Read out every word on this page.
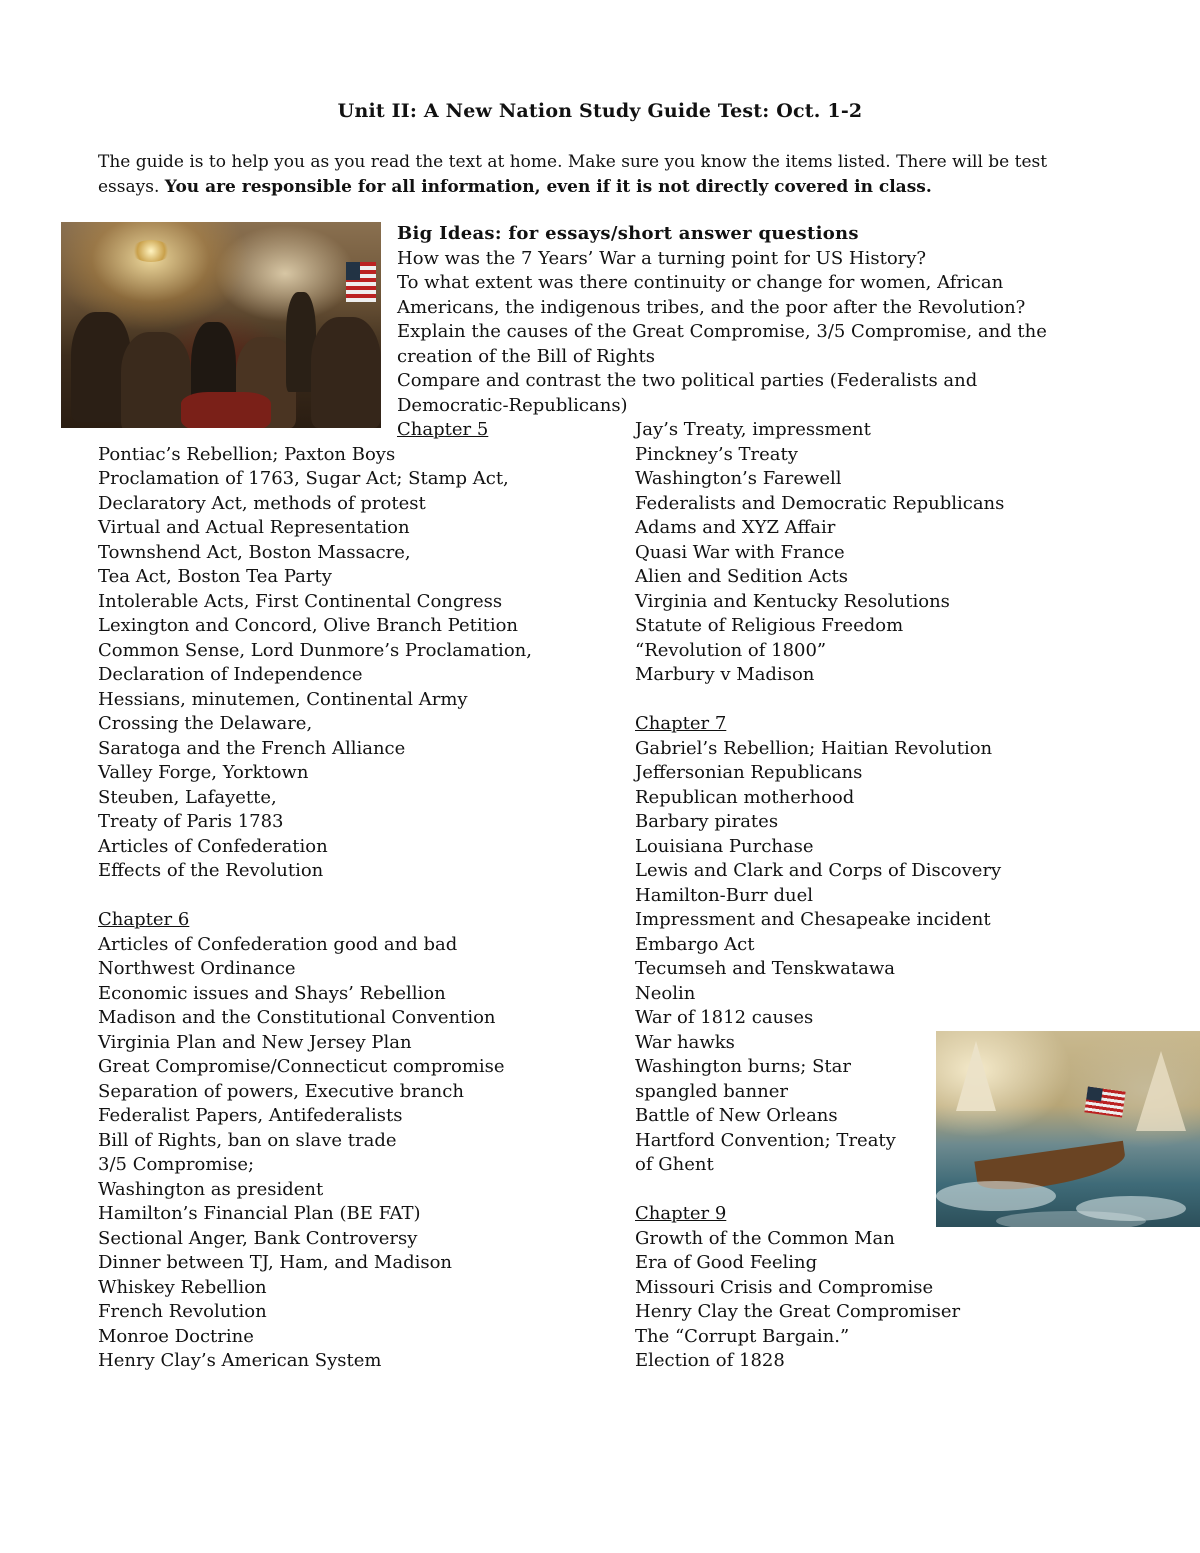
Unit II: A New Nation Study Guide Test: Oct. 1-2
The guide is to help you as you read the text at home. Make sure you know the items listed. There will be test essays. You are responsible for all information, even if it is not directly covered in class.
Big Ideas: for essays/short answer questions
How was the 7 Years’ War a turning point for US History?
To what extent was there continuity or change for women, African
Americans, the indigenous tribes, and the poor after the Revolution?
Explain the causes of the Great Compromise, 3/5 Compromise, and the
creation of the Bill of Rights
Compare and contrast the two political parties (Federalists and
Democratic-Republicans)
Chapter 5
Pontiac’s Rebellion; Paxton Boys
Proclamation of 1763, Sugar Act; Stamp Act,
Declaratory Act, methods of protest
Virtual and Actual Representation
Townshend Act, Boston Massacre,
Tea Act, Boston Tea Party
Intolerable Acts, First Continental Congress
Lexington and Concord, Olive Branch Petition
Common Sense, Lord Dunmore’s Proclamation,
Declaration of Independence
Hessians, minutemen, Continental Army
Crossing the Delaware,
Saratoga and the French Alliance
Valley Forge, Yorktown
Steuben, Lafayette,
Treaty of Paris 1783
Articles of Confederation
Effects of the Revolution
Chapter 6
Articles of Confederation good and bad
Northwest Ordinance
Economic issues and Shays’ Rebellion
Madison and the Constitutional Convention
Virginia Plan and New Jersey Plan
Great Compromise/Connecticut compromise
Separation of powers, Executive branch
Federalist Papers, Antifederalists
Bill of Rights, ban on slave trade
3/5 Compromise;
Washington as president
Hamilton’s Financial Plan (BE FAT)
Sectional Anger, Bank Controversy
Dinner between TJ, Ham, and Madison
Whiskey Rebellion
French Revolution
Monroe Doctrine
Henry Clay’s American System
Jay’s Treaty, impressment
Pinckney’s Treaty
Washington’s Farewell
Federalists and Democratic Republicans
Adams and XYZ Affair
Quasi War with France
Alien and Sedition Acts
Virginia and Kentucky Resolutions
Statute of Religious Freedom
“Revolution of 1800”
Marbury v Madison
Chapter 7
Gabriel’s Rebellion; Haitian Revolution
Jeffersonian Republicans
Republican motherhood
Barbary pirates
Louisiana Purchase
Lewis and Clark and Corps of Discovery
Hamilton-Burr duel
Impressment and Chesapeake incident
Embargo Act
Tecumseh and Tenskwatawa
Neolin
War of 1812 causes
War hawks
Washington burns; Star
spangled banner
Battle of New Orleans
Hartford Convention; Treaty
of Ghent
Chapter 9
Growth of the Common Man
Era of Good Feeling
Missouri Crisis and Compromise
Henry Clay the Great Compromiser
The “Corrupt Bargain.”
Election of 1828
